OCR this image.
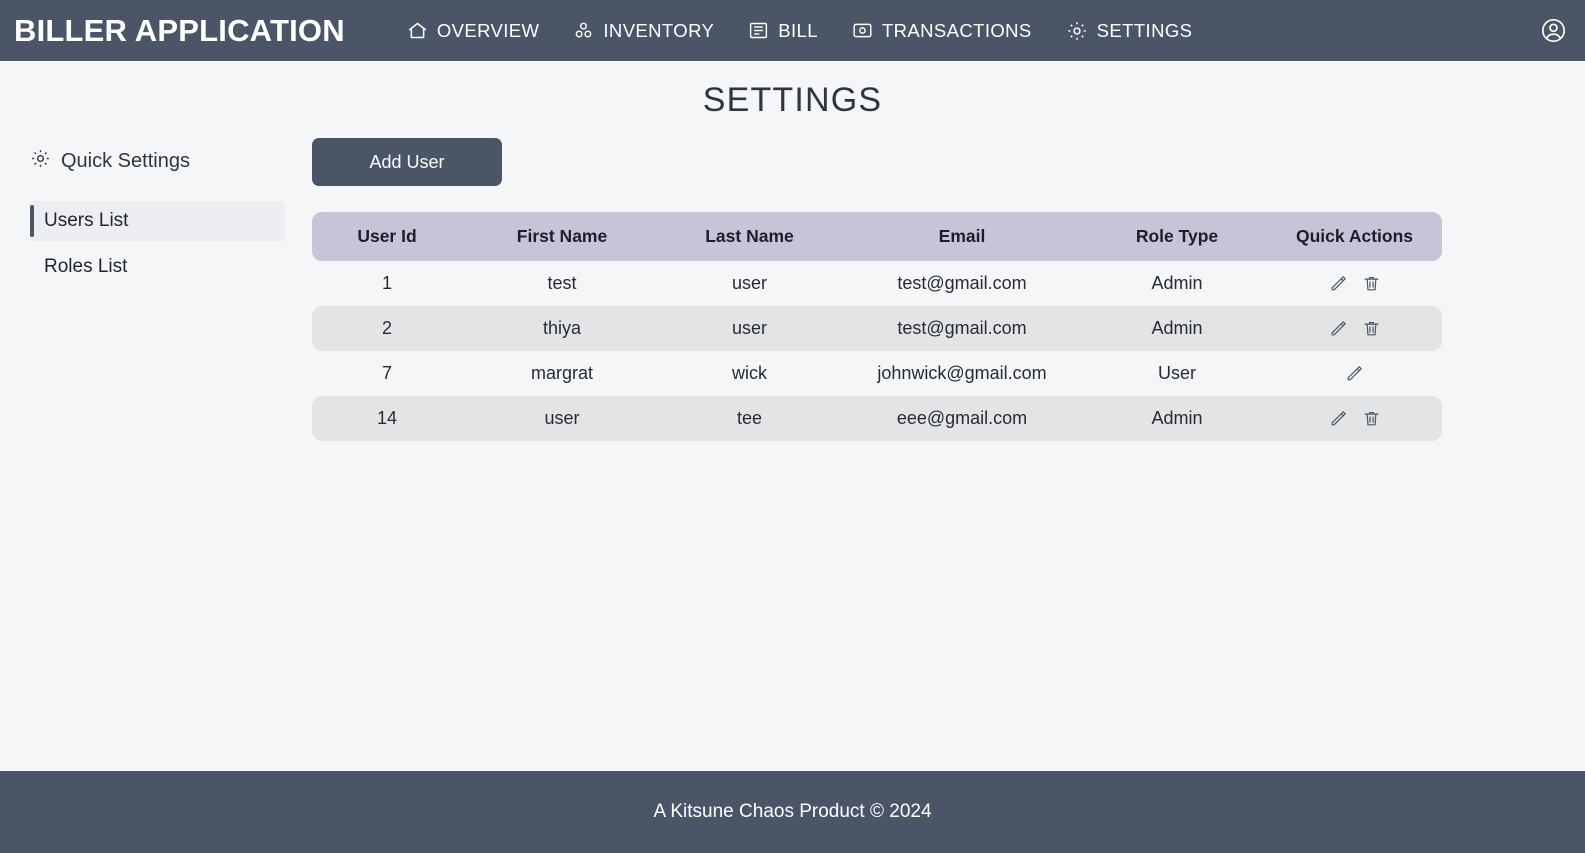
BILLER APPLICATION	OVERVIEW	INVENTORY	BILL	TRANSACTIONS	SETTINGS
SETTINGS
Quick Settings
Users List
Roles List
Add User
User Id	First Name	Last Name	Email	Role Type	Quick Actions
1	test	user	test@gmail.com	Admin	

2	thiya	user	test@gmail.com	Admin	

7	margrat	wick	johnwick@gmail.com	User	

14	user	tee	eee@gmail.com	Admin	
A Kitsune Chaos Product © 2024
